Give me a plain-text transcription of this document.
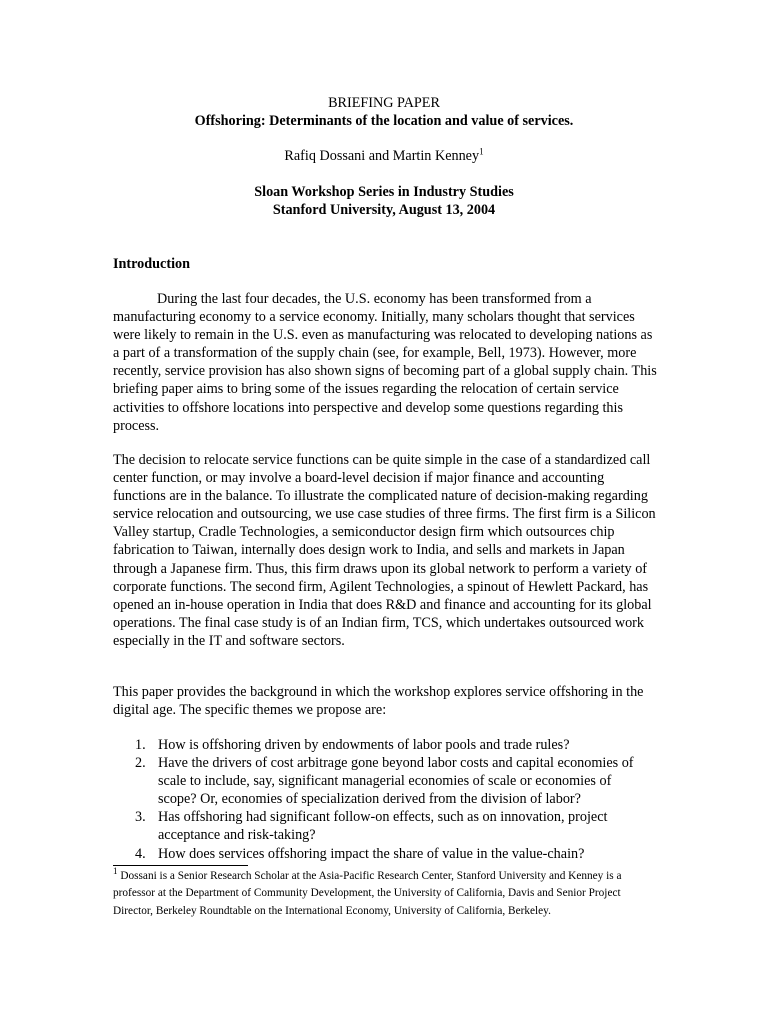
BRIEFING PAPER
Offshoring: Determinants of the location and value of services.
Rafiq Dossani and Martin Kenney$^1$
Sloan Workshop Series in Industry Studies
Stanford University, August 13, 2004
Introduction

During the last four decades, the U.S. economy has been transformed from a manufacturing economy to a service economy. Initially, many scholars thought that services were likely to remain in the U.S. even as manufacturing was relocated to developing nations as a part of a transformation of the supply chain (see, for example, Bell, 1973). However, more recently, service provision has also shown signs of becoming part of a global supply chain. This briefing paper aims to bring some of the issues regarding the relocation of certain service activities to offshore locations into perspective and develop some questions regarding this process.

The decision to relocate service functions can be quite simple in the case of a standardized call center function, or may involve a board-level decision if major finance and accounting functions are in the balance. To illustrate the complicated nature of decision-making regarding service relocation and outsourcing, we use case studies of three firms. The first firm is a Silicon Valley startup, Cradle Technologies, a semiconductor design firm which outsources chip fabrication to Taiwan, internally does design work to India, and sells and markets in Japan through a Japanese firm. Thus, this firm draws upon its global network to perform a variety of corporate functions. The second firm, Agilent Technologies, a spinout of Hewlett Packard, has opened an in-house operation in India that does R&D and finance and accounting for its global operations. The final case study is of an Indian firm, TCS, which undertakes outsourced work especially in the IT and software sectors.

This paper provides the background in which the workshop explores service offshoring in the digital age. The specific themes we propose are:

1. How is offshoring driven by endowments of labor pools and trade rules?
2. Have the drivers of cost arbitrage gone beyond labor costs and capital economies of scale to include, say, significant managerial economies of scale or economies of scope? Or, economies of specialization derived from the division of labor?
3. Has offshoring had significant follow-on effects, such as on innovation, project acceptance and risk-taking?
4. How does services offshoring impact the share of value in the value-chain?
$^1$ Dossani is a Senior Research Scholar at the Asia-Pacific Research Center, Stanford University and Kenney is a professor at the Department of Community Development, the University of California, Davis and Senior Project Director, Berkeley Roundtable on the International Economy, University of California, Berkeley.
